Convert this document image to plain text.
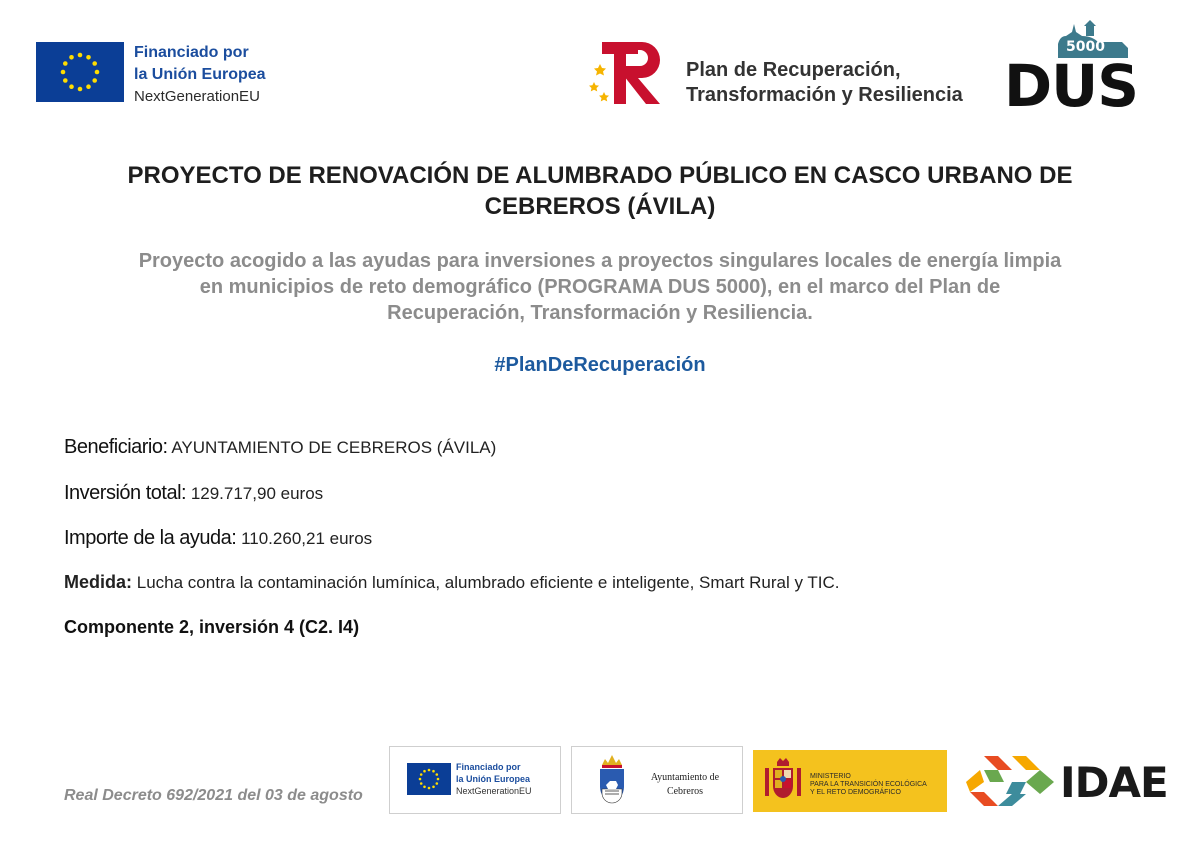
Financiado por
la Unión Europea
NextGenerationEU
Plan de Recuperación,
Transformación y Resiliencia
5000
DUS
PROYECTO DE RENOVACIÓN DE ALUMBRADO PÚBLICO EN CASCO URBANO DE CEBREROS (ÁVILA)

Proyecto acogido a las ayudas para inversiones a proyectos singulares locales de energía limpia en municipios de reto demográfico (PROGRAMA DUS 5000), en el marco del Plan de Recuperación, Transformación y Resiliencia.

#PlanDeRecuperación
Beneficiario: AYUNTAMIENTO DE CEBREROS (ÁVILA)
Inversión total: 129.717,90 euros
Importe de la ayuda: 110.260,21 euros
Medida: Lucha contra la contaminación lumínica, alumbrado eficiente e inteligente, Smart Rural y TIC.
Componente 2, inversión 4 (C2. I4)
Real Decreto 692/2021 del 03 de agosto
Financiado por
la Unión Europea
NextGenerationEU
Ayuntamiento de
Cebreros
MINISTERIO
PARA LA TRANSICIÓN ECOLÓGICA
Y EL RETO DEMOGRÁFICO	IDAE
